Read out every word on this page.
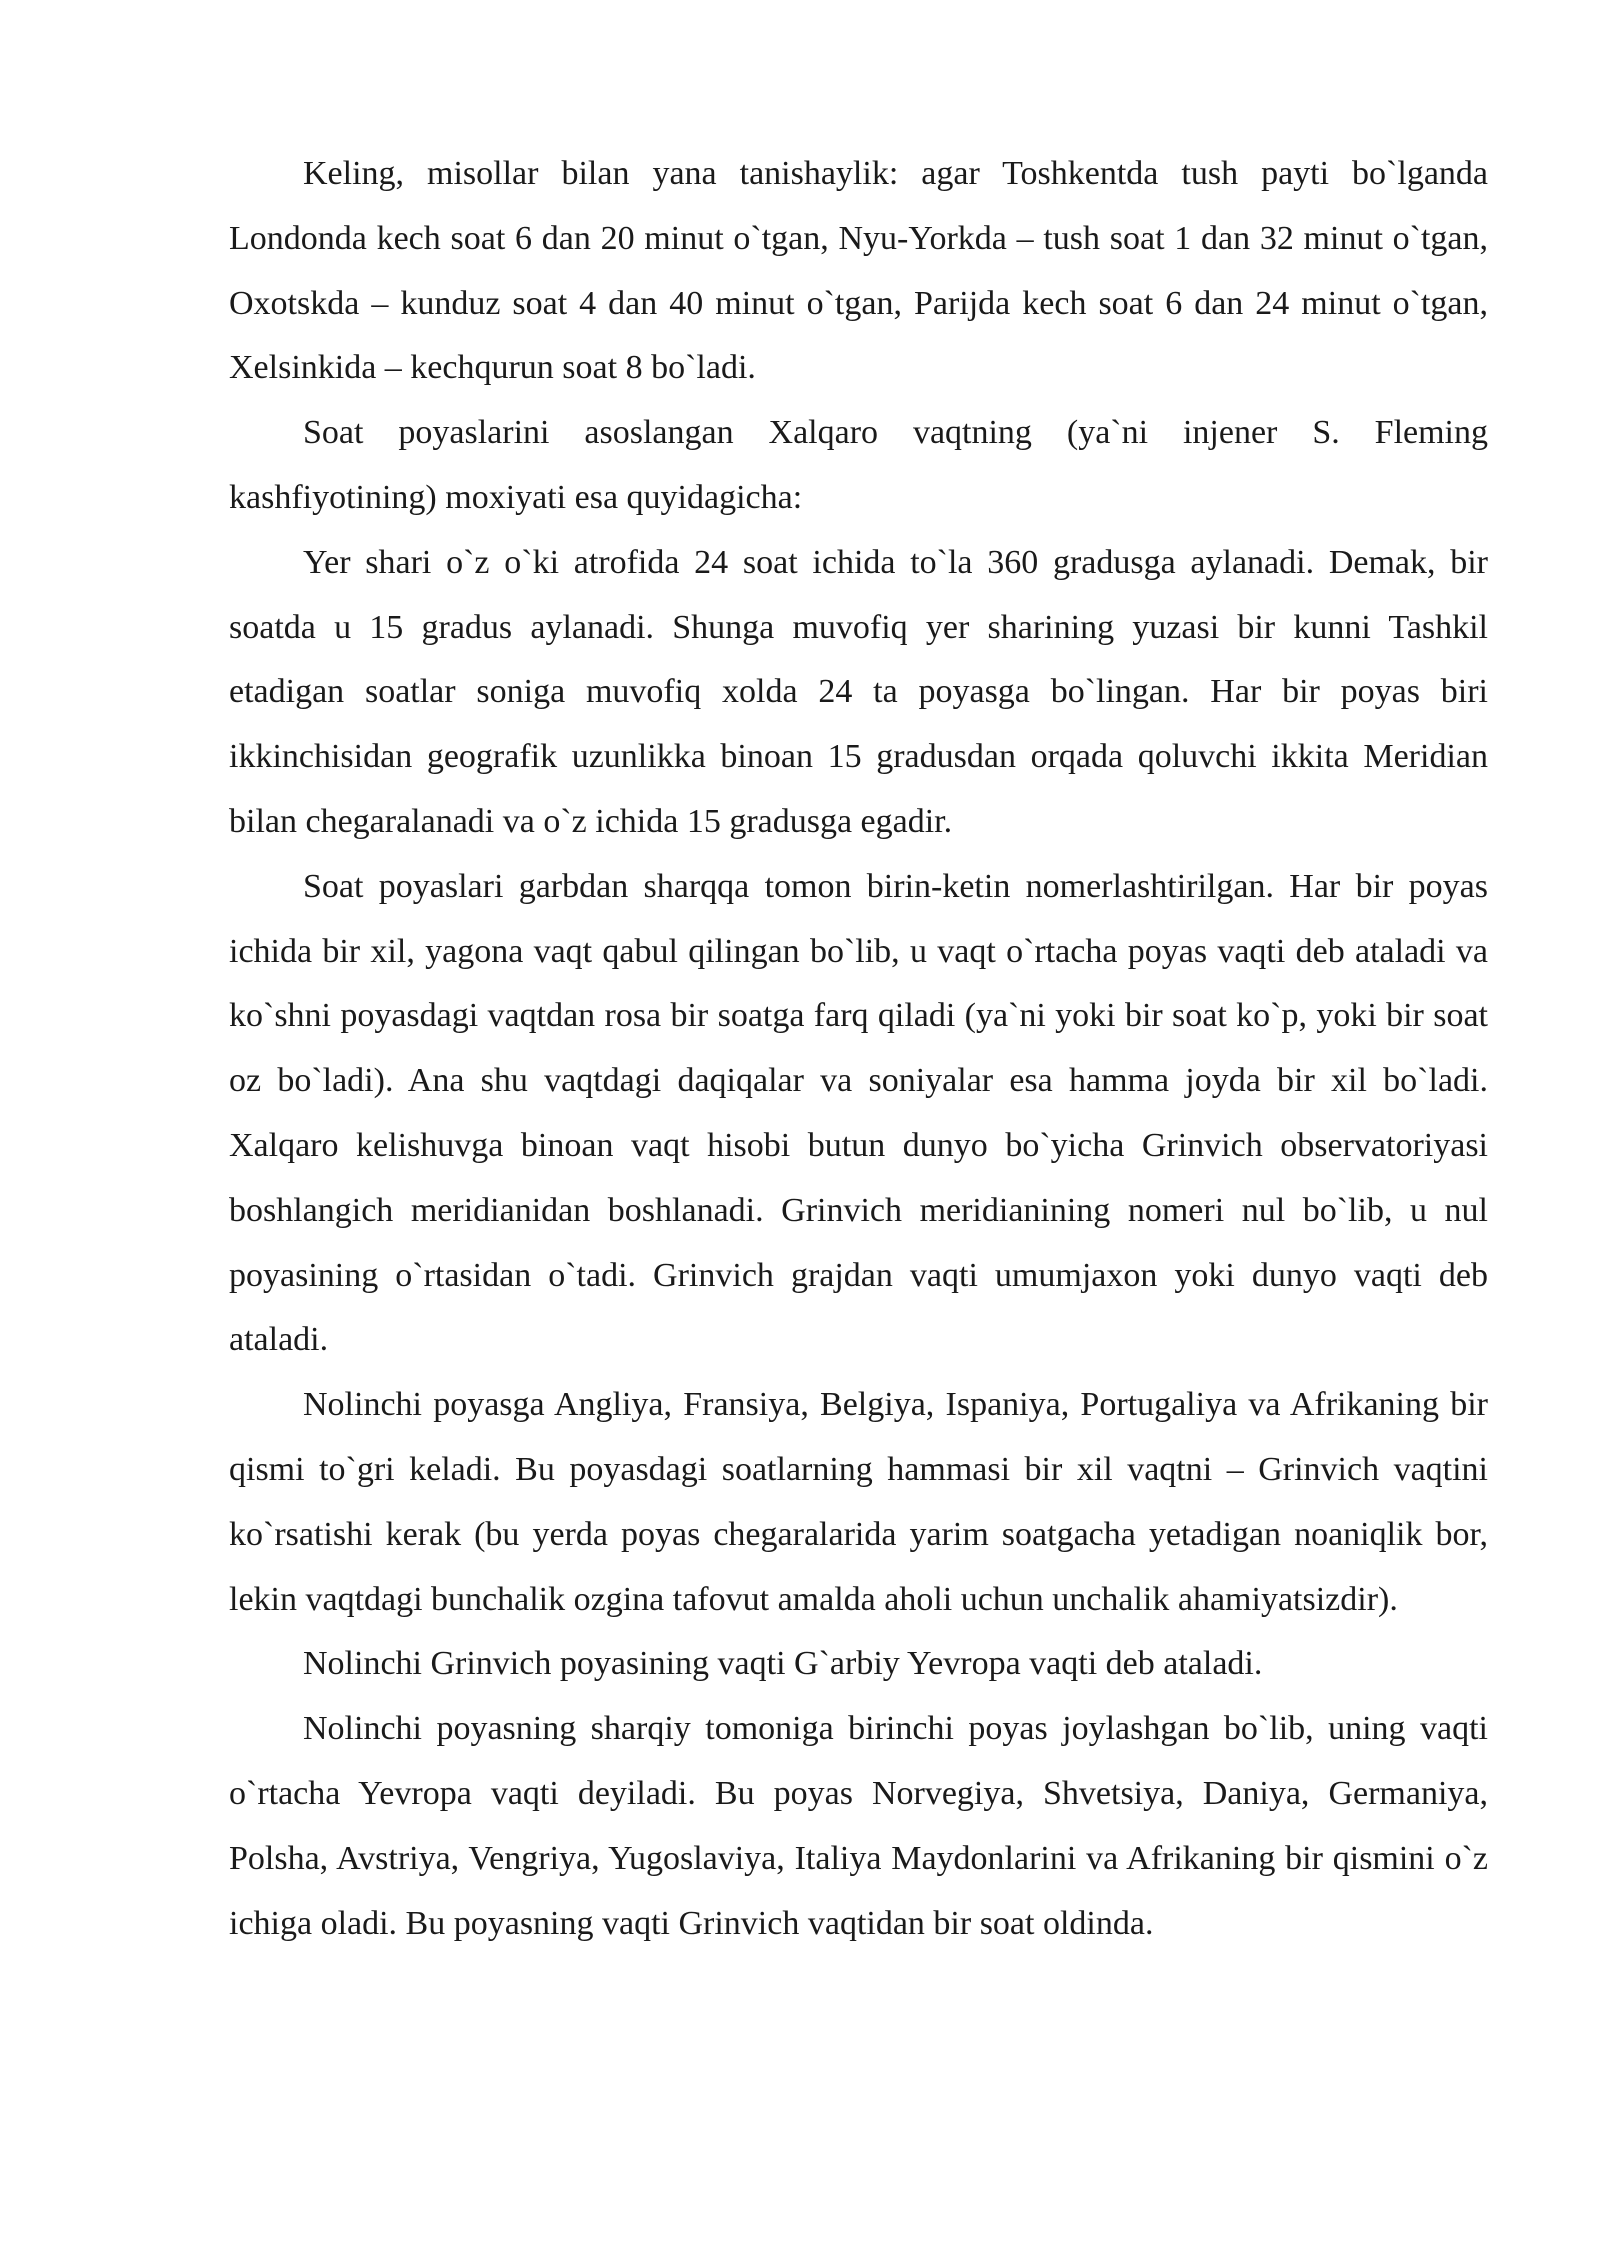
Keling, misollar bilan yana tanishaylik: agar Toshkentda tush payti bo`lganda Londonda kech soat 6 dan 20 minut o`tgan, Nyu-Yorkda – tush soat 1 dan 32 minut o`tgan, Oxotskda – kunduz soat 4 dan 40 minut o`tgan, Parijda kech soat 6 dan 24 minut o`tgan, Xelsinkida – kechqurun soat 8 bo`ladi.

Soat poyaslarini asoslangan Xalqaro vaqtning (ya`ni injener S. Fleming kashfiyotining) moxiyati esa quyidagicha:

Yer shari o`z o`ki atrofida 24 soat ichida to`la 360 gradusga aylanadi. Demak, bir soatda u 15 gradus aylanadi. Shunga muvofiq yer sharining yuzasi bir kunni Tashkil etadigan soatlar soniga muvofiq xolda 24 ta poyasga bo`lingan. Har bir poyas biri ikkinchisidan geografik uzunlikka binoan 15 gradusdan orqada qoluvchi ikkita Meridian bilan chegaralanadi va o`z ichida 15 gradusga egadir.

Soat poyaslari garbdan sharqqa tomon birin-ketin nomerlashtirilgan. Har bir poyas ichida bir xil, yagona vaqt qabul qilingan bo`lib, u vaqt o`rtacha poyas vaqti deb ataladi va ko`shni poyasdagi vaqtdan rosa bir soatga farq qiladi (ya`ni yoki bir soat ko`p, yoki bir soat oz bo`ladi). Ana shu vaqtdagi daqiqalar va soniyalar esa hamma joyda bir xil bo`ladi. Xalqaro kelishuvga binoan vaqt hisobi butun dunyo bo`yicha Grinvich observatoriyasi boshlangich meridianidan boshlanadi. Grinvich meridianining nomeri nul bo`lib, u nul poyasining o`rtasidan o`tadi. Grinvich grajdan vaqti umumjaxon yoki dunyo vaqti deb ataladi.

Nolinchi poyasga Angliya, Fransiya, Belgiya, Ispaniya, Portugaliya va Afrikaning bir qismi to`gri keladi. Bu poyasdagi soatlarning hammasi bir xil vaqtni – Grinvich vaqtini ko`rsatishi kerak (bu yerda poyas chegaralarida yarim soatgacha yetadigan noaniqlik bor, lekin vaqtdagi bunchalik ozgina tafovut amalda aholi uchun unchalik ahamiyatsizdir).

Nolinchi Grinvich poyasining vaqti G`arbiy Yevropa vaqti deb ataladi.

Nolinchi poyasning sharqiy tomoniga birinchi poyas joylashgan bo`lib, uning vaqti o`rtacha Yevropa vaqti deyiladi. Bu poyas Norvegiya, Shvetsiya, Daniya, Germaniya, Polsha, Avstriya, Vengriya, Yugoslaviya, Italiya Maydonlarini va Afrikaning bir qismini o`z ichiga oladi. Bu poyasning vaqti Grinvich vaqtidan bir soat oldinda.
